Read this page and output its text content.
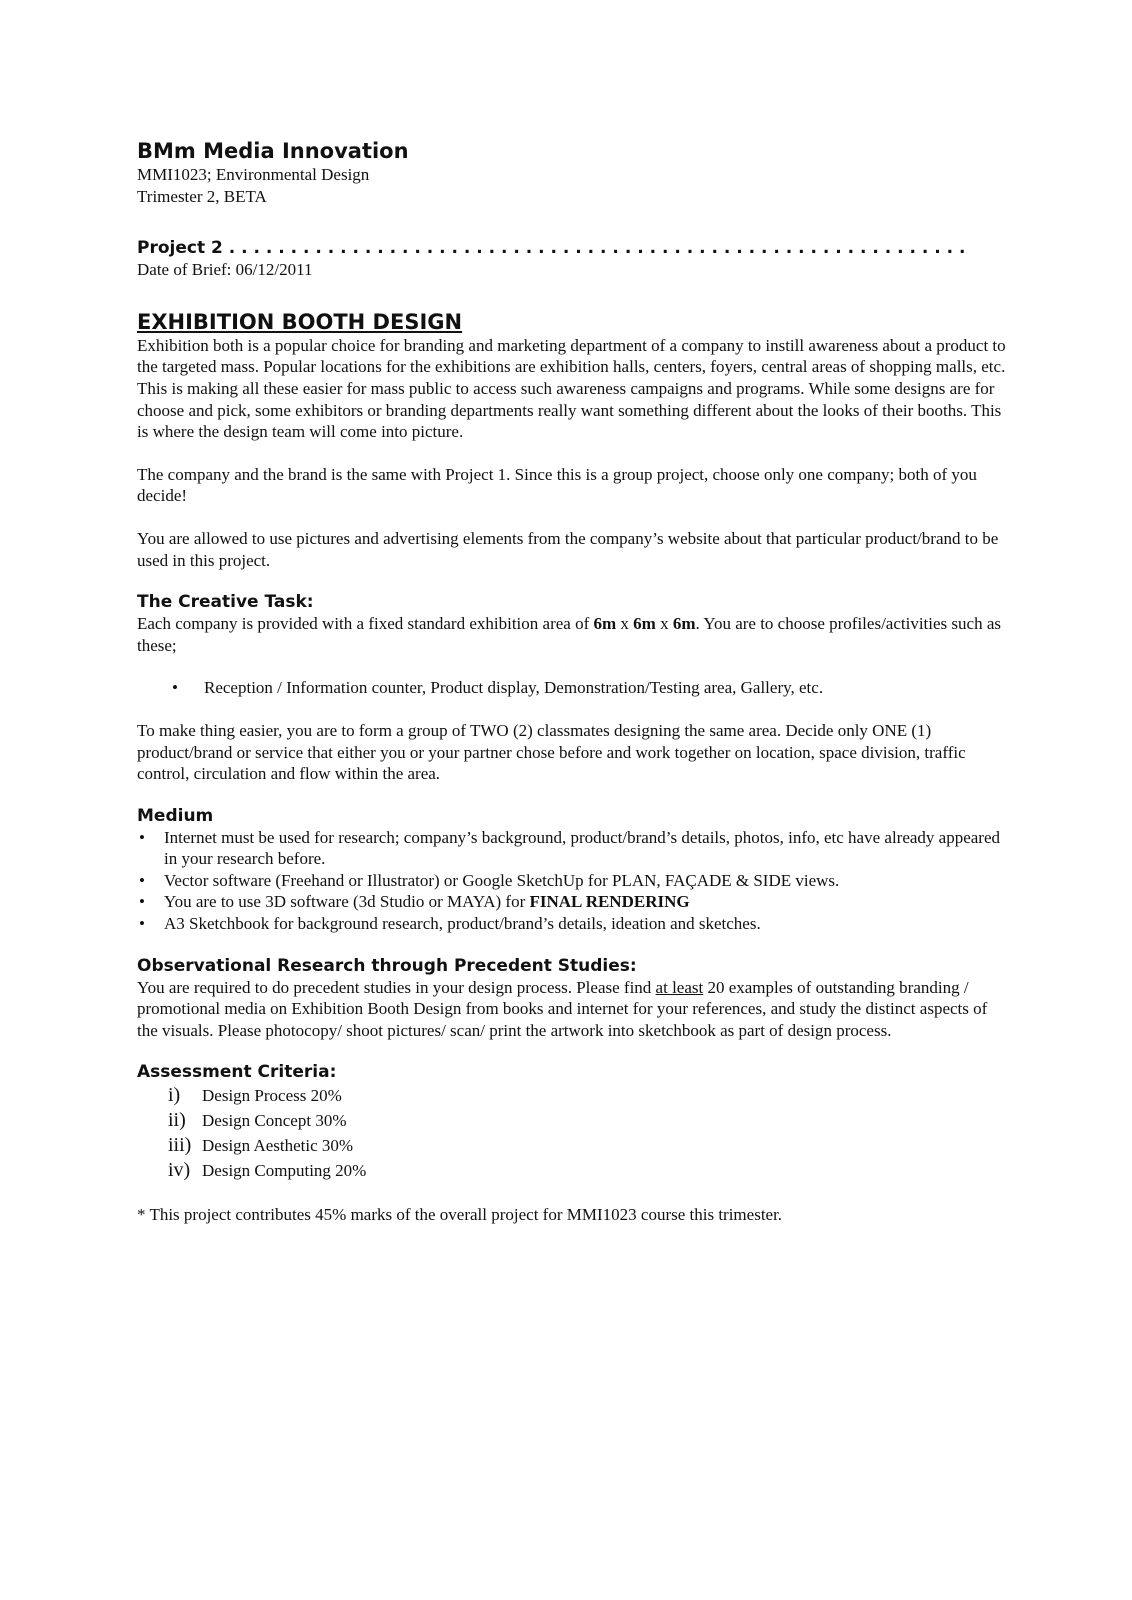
BMm Media Innovation

MMI1023; Environmental Design

Trimester 2, BETA

Project 2 . . . . . . . . . . . . . . . . . . . . . . . . . . . . . . . . . . . . . . . . . . . . . . . . . . . . . . . . . . . .

Date of Brief: 06/12/2011

EXHIBITION BOOTH DESIGN

Exhibition both is a popular choice for branding and marketing department of a company to instill awareness about a product to the targeted mass. Popular locations for the exhibitions are exhibition halls, centers, foyers, central areas of shopping malls, etc. This is making all these easier for mass public to access such awareness campaigns and programs. While some designs are for choose and pick, some exhibitors or branding departments really want something different about the looks of their booths. This is where the design team will come into picture.

The company and the brand is the same with Project 1. Since this is a group project, choose only one company; both of you decide!

You are allowed to use pictures and advertising elements from the company’s website about that particular product/brand to be used in this project.

The Creative Task:

Each company is provided with a fixed standard exhibition area of 6m x 6m x 6m. You are to choose profiles/activities such as these;

• Reception / Information counter, Product display, Demonstration/Testing area, Gallery, etc.

To make thing easier, you are to form a group of TWO (2) classmates designing the same area. Decide only ONE (1) product/brand or service that either you or your partner chose before and work together on location, space division, traffic control, circulation and flow within the area.

Medium
• Internet must be used for research; company’s background, product/brand’s details, photos, info, etc have already appeared in your research before.
• Vector software (Freehand or Illustrator) or Google SketchUp for PLAN, FAÇADE & SIDE views.
• You are to use 3D software (3d Studio or MAYA) for FINAL RENDERING
• A3 Sketchbook for background research, product/brand’s details, ideation and sketches.
Observational Research through Precedent Studies:

You are required to do precedent studies in your design process. Please find at least 20 examples of outstanding branding / promotional media on Exhibition Booth Design from books and internet for your references, and study the distinct aspects of the visuals. Please photocopy/ shoot pictures/ scan/ print the artwork into sketchbook as part of design process.

Assessment Criteria:
i)	Design Process 20%
ii) Design Concept 30%
iii) Design Aesthetic 30%
iv) Design Computing 20%

* This project contributes 45% marks of the overall project for MMI1023 course this trimester.
